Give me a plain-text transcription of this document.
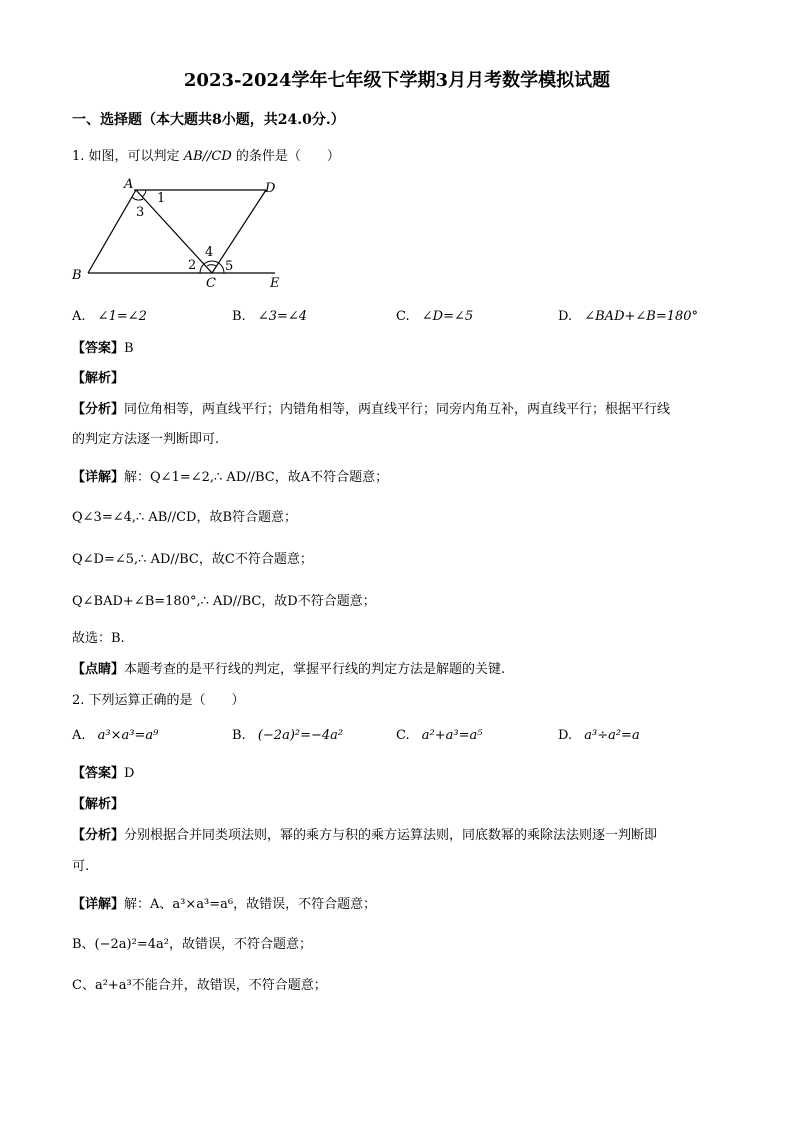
2023-2024学年七年级下学期3月月考数学模拟试题
一、选择题（本大题共8小题，共24.0分.）
1. 如图，可以判定 AB//CD 的条件是（　　）
A	D
B
C	E
1
2
3
4
5
A. ∠1=∠2	B. ∠3=∠4	C. ∠D=∠5	D. ∠BAD+∠B=180°
【答案】B
【解析】
【分析】同位角相等，两直线平行；内错角相等，两直线平行；同旁内角互补，两直线平行；根据平行线
的判定方法逐一判断即可.
【详解】解：Q∠1=∠2,∴ AD//BC，故A不符合题意；
Q∠3=∠4,∴ AB//CD，故B符合题意；
Q∠D=∠5,∴ AD//BC，故C不符合题意；
Q∠BAD+∠B=180°,∴ AD//BC，故D不符合题意；
故选：B.
【点睛】本题考查的是平行线的判定，掌握平行线的判定方法是解题的关键.
2. 下列运算正确的是（　　）
A. a³×a³=a⁹	B. (−2a)²=−4a²	C. a²+a³=a⁵	D. a³÷a²=a
【答案】D
【解析】
【分析】分别根据合并同类项法则，幂的乘方与积的乘方运算法则，同底数幂的乘除法法则逐一判断即
可.
【详解】解：A、a³×a³=a⁶，故错误，不符合题意；
B、(−2a)²=4a²，故错误，不符合题意；
C、a²+a³不能合并，故错误，不符合题意；
